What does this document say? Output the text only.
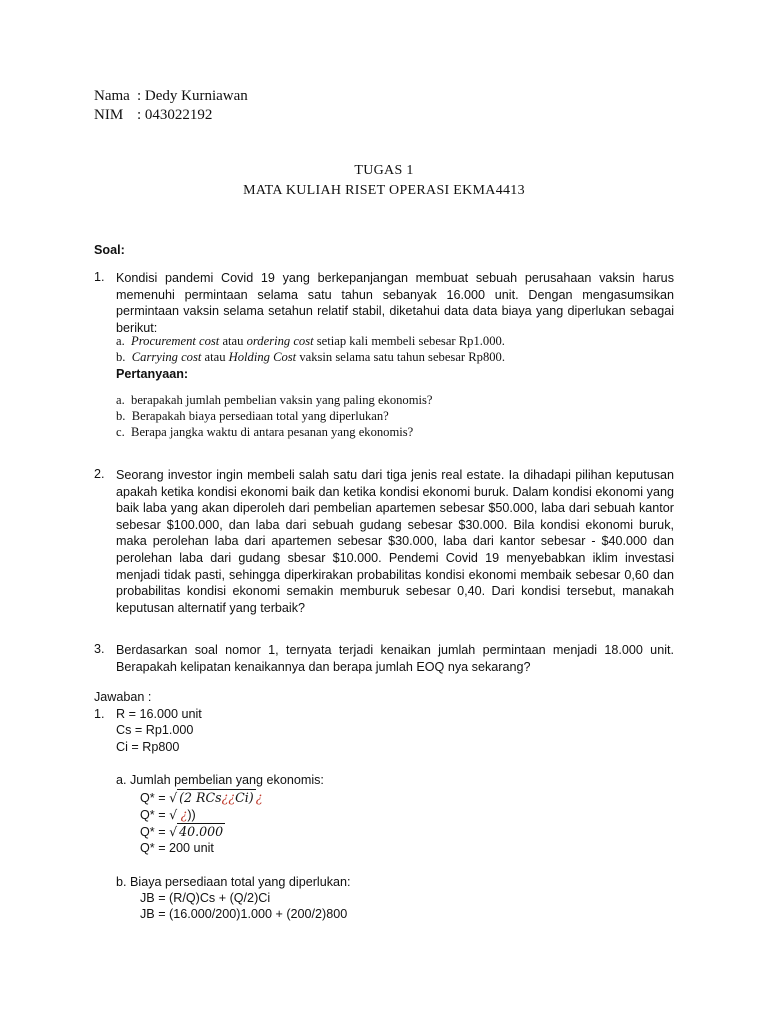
Nama : Dedy Kurniawan
NIM : 043022192
TUGAS 1
MATA KULIAH RISET OPERASI EKMA4413
Soal:
1. Kondisi pandemi Covid 19 yang berkepanjangan membuat sebuah perusahaan vaksin harus memenuhi permintaan selama satu tahun sebanyak 16.000 unit. Dengan mengasumsikan permintaan vaksin selama setahun relatif stabil, diketahui data data biaya yang diperlukan sebagai berikut:
a. Procurement cost atau ordering cost setiap kali membeli sebesar Rp1.000.
b. Carrying cost atau Holding Cost vaksin selama satu tahun sebesar Rp800.
Pertanyaan:
a. berapakah jumlah pembelian vaksin yang paling ekonomis?
b. Berapakah biaya persediaan total yang diperlukan?
c. Berapa jangka waktu di antara pesanan yang ekonomis?
2. Seorang investor ingin membeli salah satu dari tiga jenis real estate. Ia dihadapi pilihan keputusan apakah ketika kondisi ekonomi baik dan ketika kondisi ekonomi buruk. Dalam kondisi ekonomi yang baik laba yang akan diperoleh dari pembelian apartemen sebesar $50.000, laba dari sebuah kantor sebesar $100.000, dan laba dari sebuah gudang sebesar $30.000. Bila kondisi ekonomi buruk, maka perolehan laba dari apartemen sebesar $30.000, laba dari kantor sebesar - $40.000 dan perolehan laba dari gudang sbesar $10.000. Pendemi Covid 19 menyebabkan iklim investasi menjadi tidak pasti, sehingga diperkirakan probabilitas kondisi ekonomi membaik sebesar 0,60 dan probabilitas kondisi ekonomi semakin memburuk sebesar 0,40. Dari kondisi tersebut, manakah keputusan alternatif yang terbaik?
3. Berdasarkan soal nomor 1, ternyata terjadi kenaikan jumlah permintaan menjadi 18.000 unit. Berapakah kelipatan kenaikannya dan berapa jumlah EOQ nya sekarang?
Jawaban :
1. R = 16.000 unit
Cs = Rp1.000
Ci = Rp800
a. Jumlah pembelian yang ekonomis:
Q* = √ (2 RCs¿¿Ci) ¿
Q* = √ ¿))
Q* = √ 40.000
Q* = 200 unit
b. Biaya persediaan total yang diperlukan:
JB = (R/Q)Cs + (Q/2)Ci
JB = (16.000/200)1.000 + (200/2)800
